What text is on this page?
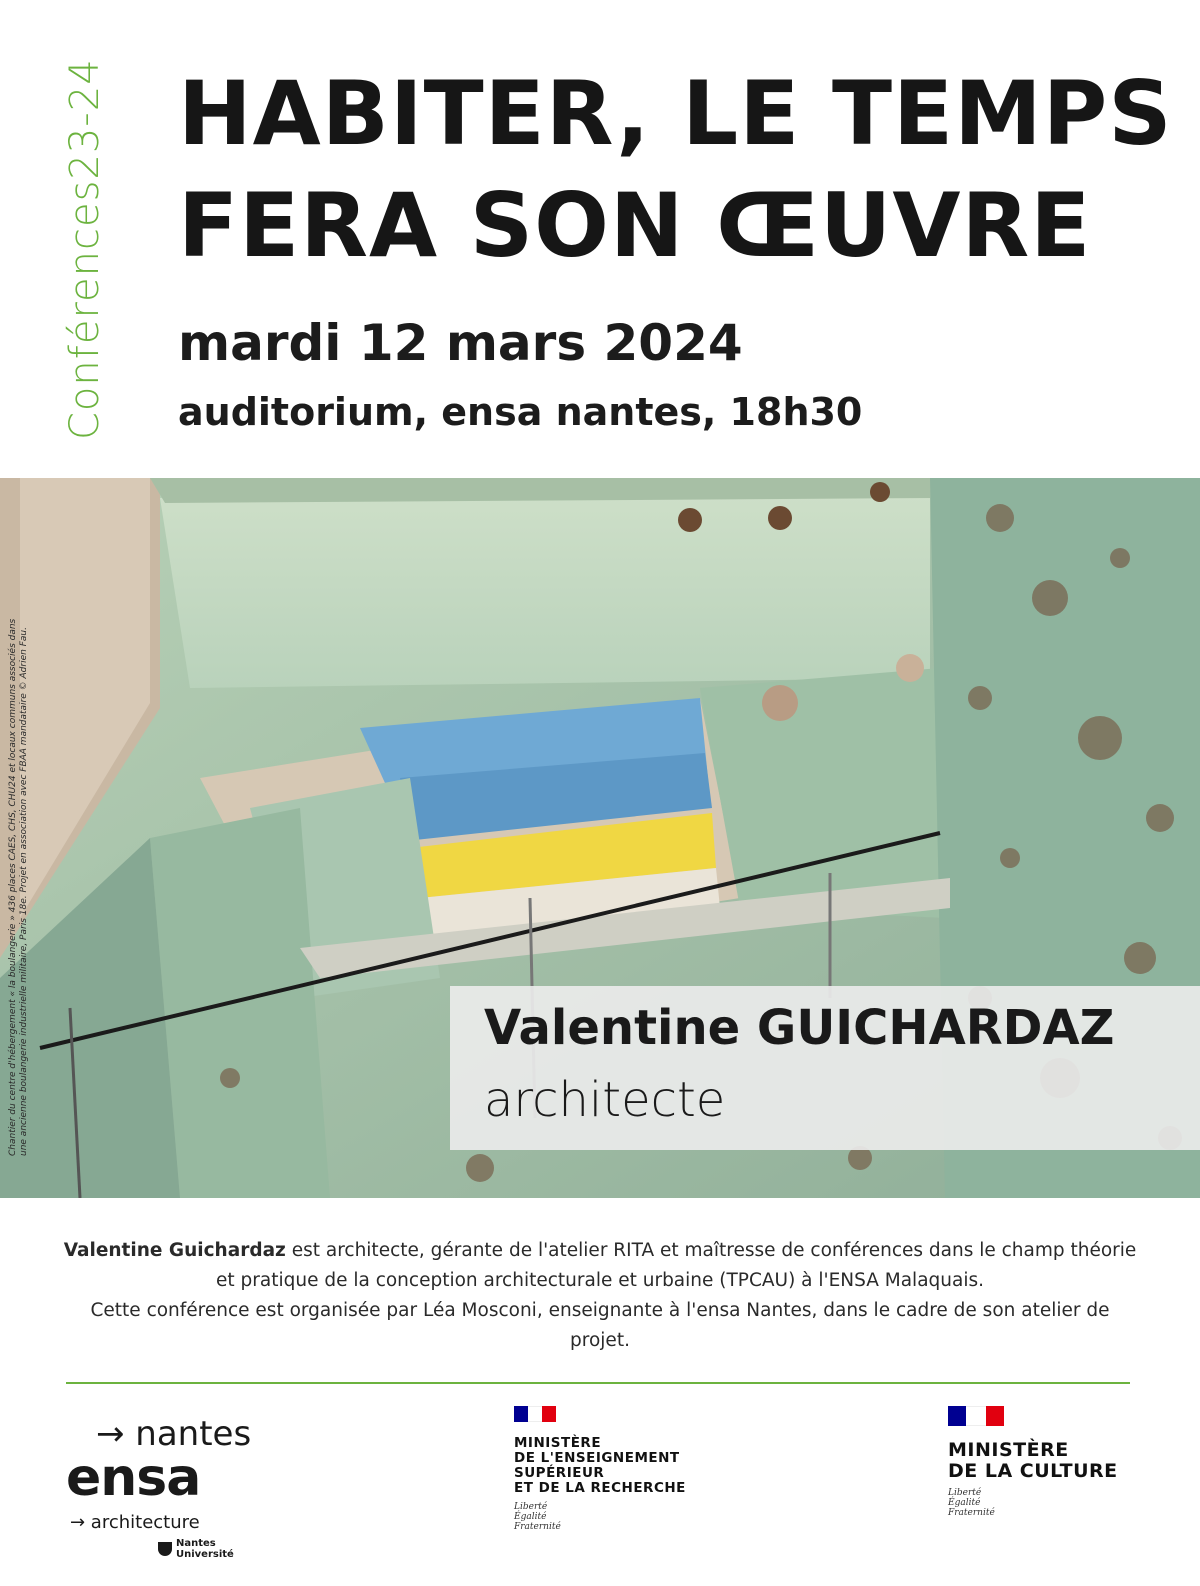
Conférences23-24 HABITER, LE TEMPS
FERA SON ŒUVRE
mardi 12 mars 2024
auditorium, ensa nantes, 18h30
Chantier du centre d'hébergement « la boulangerie » 436 places CAES, CHS, CHU24 et locaux communs associés dans une ancienne boulangerie industrielle militaire, Paris 18e. Projet en association avec FBAA mandataire © Adrien Fau.	Valentine GUICHARDAZ
architecte

Valentine Guichardaz est architecte, gérante de l'atelier RITA et maîtresse de conférences dans le champ théorie et pratique de la conception architecturale et urbaine (TPCAU) à l'ENSA Malaquais.

Cette conférence est organisée par Léa Mosconi, enseignante à l'ensa Nantes, dans le cadre de son atelier de projet.

→ nantes
ensa
→ architecture
Nantes
Université
MINISTÈRE
DE L'ENSEIGNEMENT
SUPÉRIEUR
ET DE LA RECHERCHE
Liberté
Égalité
Fraternité
MINISTÈRE
DE LA CULTURE
Liberté
Égalité
Fraternité
